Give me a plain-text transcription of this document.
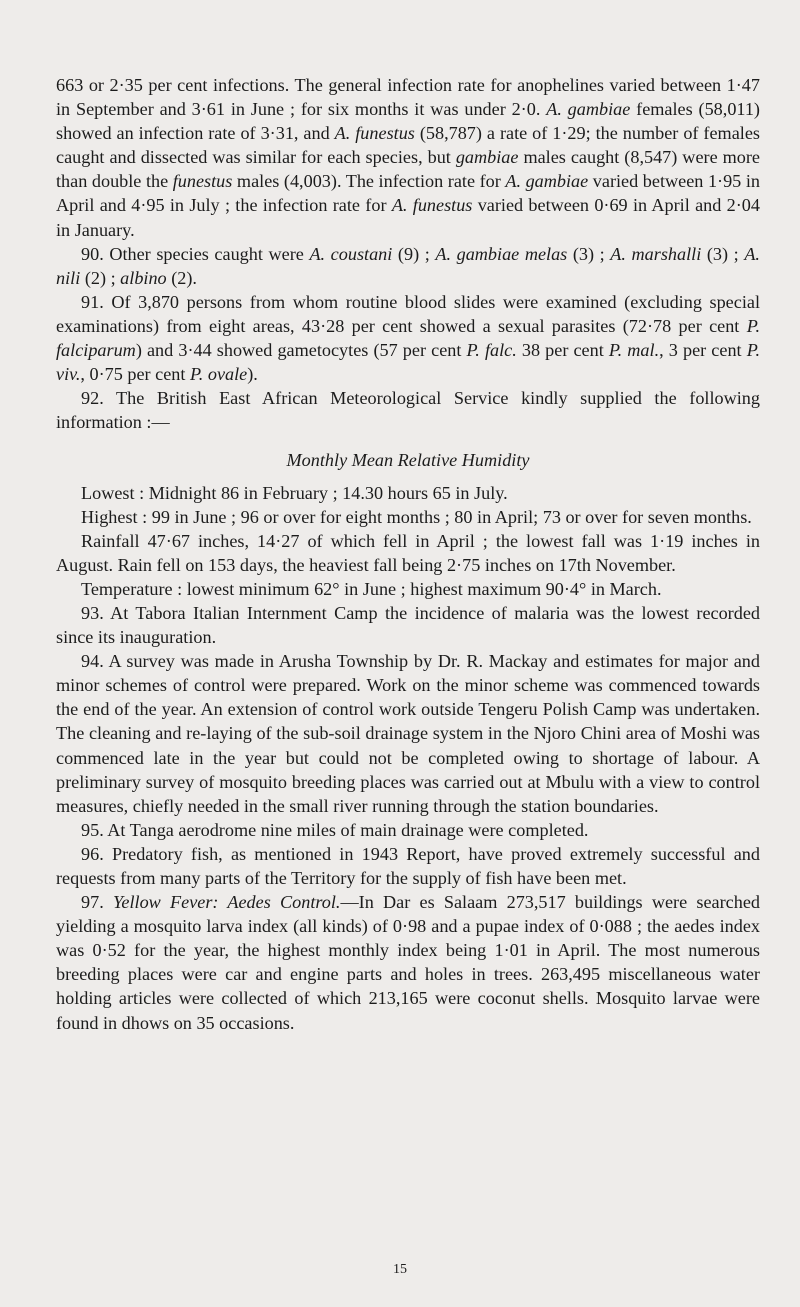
663 or 2·35 per cent infections. The general infection rate for anophelines varied between 1·47 in September and 3·61 in June ; for six months it was under 2·0. A. gambiae females (58,011) showed an infection rate of 3·31, and A. funestus (58,787) a rate of 1·29; the number of females caught and dissected was similar for each species, but gambiae males caught (8,547) were more than double the funestus males (4,003). The infection rate for A. gambiae varied between 1·95 in April and 4·95 in July ; the infection rate for A. funestus varied between 0·69 in April and 2·04 in January.

90. Other species caught were A. coustani (9) ; A. gambiae melas (3) ; A. marshalli (3) ; A. nili (2) ; albino (2).

91. Of 3,870 persons from whom routine blood slides were examined (excluding special examinations) from eight areas, 43·28 per cent showed a sexual parasites (72·78 per cent P. falciparum) and 3·44 showed gametocytes (57 per cent P. falc. 38 per cent P. mal., 3 per cent P. viv., 0·75 per cent P. ovale).

92. The British East African Meteorological Service kindly supplied the following information :—

Monthly Mean Relative Humidity

Lowest : Midnight 86 in February ; 14.30 hours 65 in July.

Highest : 99 in June ; 96 or over for eight months ; 80 in April; 73 or over for seven months.

Rainfall 47·67 inches, 14·27 of which fell in April ; the lowest fall was 1·19 inches in August. Rain fell on 153 days, the heaviest fall being 2·75 inches on 17th November.

Temperature : lowest minimum 62° in June ; highest maximum 90·4° in March.

93. At Tabora Italian Internment Camp the incidence of malaria was the lowest recorded since its inauguration.

94. A survey was made in Arusha Township by Dr. R. Mackay and estimates for major and minor schemes of control were prepared. Work on the minor scheme was commenced towards the end of the year. An extension of control work outside Tengeru Polish Camp was undertaken. The cleaning and re-laying of the sub-soil drainage system in the Njoro Chini area of Moshi was commenced late in the year but could not be completed owing to shortage of labour. A preliminary survey of mosquito breeding places was carried out at Mbulu with a view to control measures, chiefly needed in the small river running through the station boundaries.

95. At Tanga aerodrome nine miles of main drainage were completed.

96. Predatory fish, as mentioned in 1943 Report, have proved extremely successful and requests from many parts of the Territory for the supply of fish have been met.

97. Yellow Fever: Aedes Control.—In Dar es Salaam 273,517 buildings were searched yielding a mosquito larva index (all kinds) of 0·98 and a pupae index of 0·088 ; the aedes index was 0·52 for the year, the highest monthly index being 1·01 in April. The most numerous breeding places were car and engine parts and holes in trees. 263,495 miscellaneous water holding articles were collected of which 213,165 were coconut shells. Mosquito larvae were found in dhows on 35 occasions.

15
